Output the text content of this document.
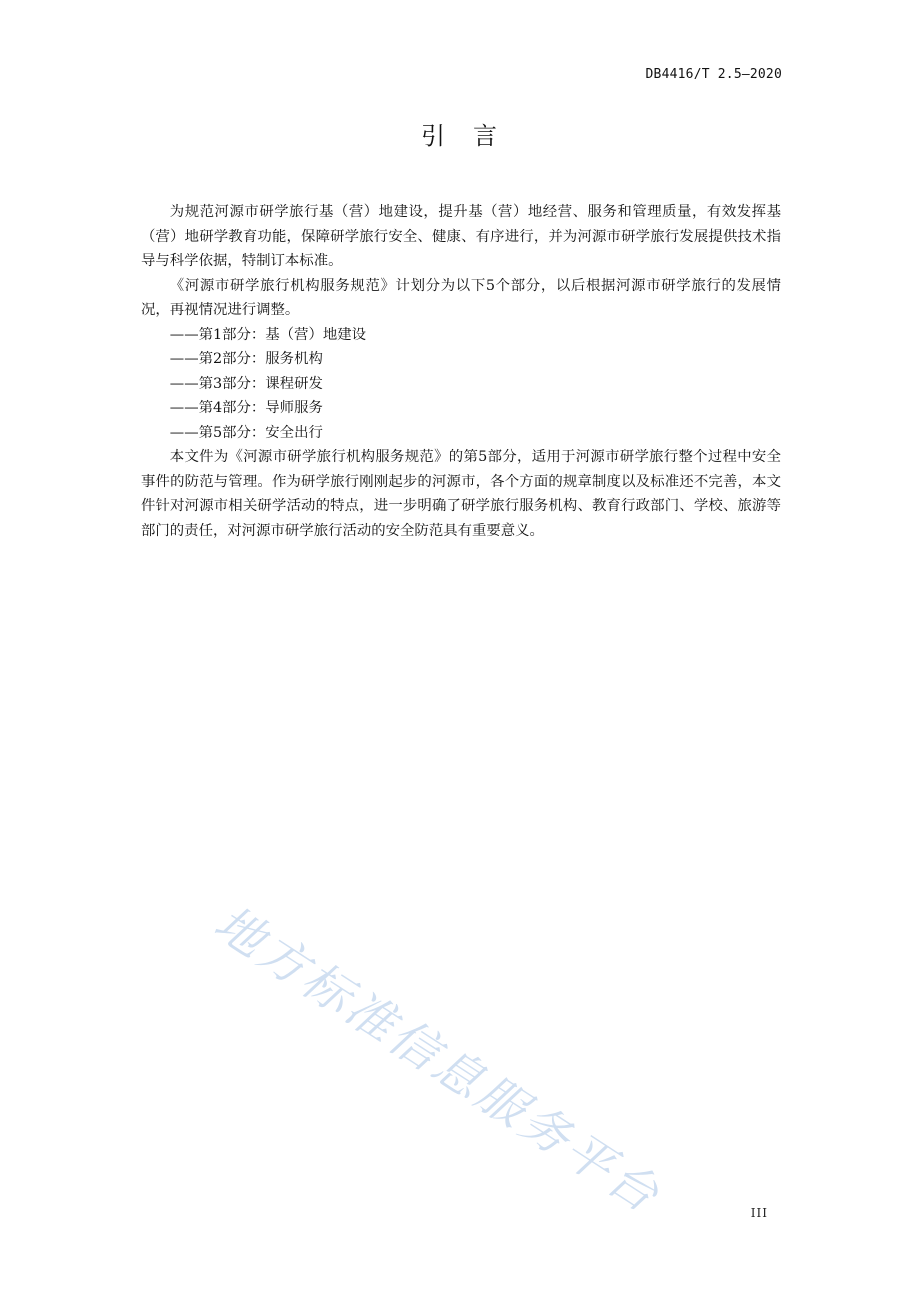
DB4416/T 2.5—2020
引 言

为规范河源市研学旅行基（营）地建设，提升基（营）地经营、服务和管理质量，有效发挥基（营）地研学教育功能，保障研学旅行安全、健康、有序进行，并为河源市研学旅行发展提供技术指导与科学依据，特制订本标准。

《河源市研学旅行机构服务规范》计划分为以下5个部分，以后根据河源市研学旅行的发展情况，再视情况进行调整。

——第1部分：基（营）地建设

——第2部分：服务机构

——第3部分：课程研发

——第4部分：导师服务

——第5部分：安全出行

本文件为《河源市研学旅行机构服务规范》的第5部分，适用于河源市研学旅行整个过程中安全事件的防范与管理。作为研学旅行刚刚起步的河源市，各个方面的规章制度以及标准还不完善，本文件针对河源市相关研学活动的特点，进一步明确了研学旅行服务机构、教育行政部门、学校、旅游等部门的责任，对河源市研学旅行活动的安全防范具有重要意义。

地方标准信息服务平台	III
